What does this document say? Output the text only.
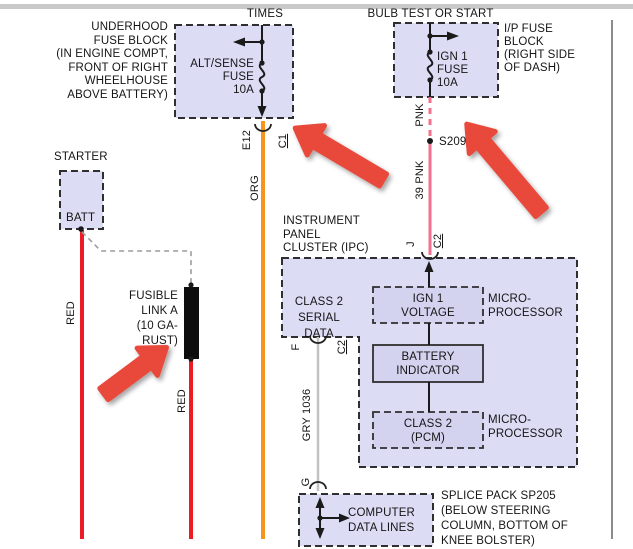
TIMES	BULB TEST OR START
UNDERHOOD
FUSE BLOCK
(IN ENGINE COMPT,
FRONT OF RIGHT
WHEELHOUSE
ABOVE BATTERY)
ALT/SENSE
FUSE
10A
E12 C1
ORG
STARTER
BATT
RED
FUSIBLE
LINK A
(10 GA-
RUST)
RED
IGN 1
FUSE
10A
I/P FUSE
BLOCK
(RIGHT SIDE
OF DASH)
PNK
S209
39 PNK
J C2
INSTRUMENT
PANEL
CLUSTER (IPC)
CLASS 2
SERIAL
DATA
IGN 1
VOLTAGE
MICRO-
PROCESSOR
BATTERY
INDICATOR
CLASS 2
(PCM)
MICRO-
PROCESSOR
F	C2
GRY 1036
G
COMPUTER
DATA LINES
SPLICE PACK SP205
(BELOW STEERING
COLUMN, BOTTOM OF
KNEE BOLSTER)
